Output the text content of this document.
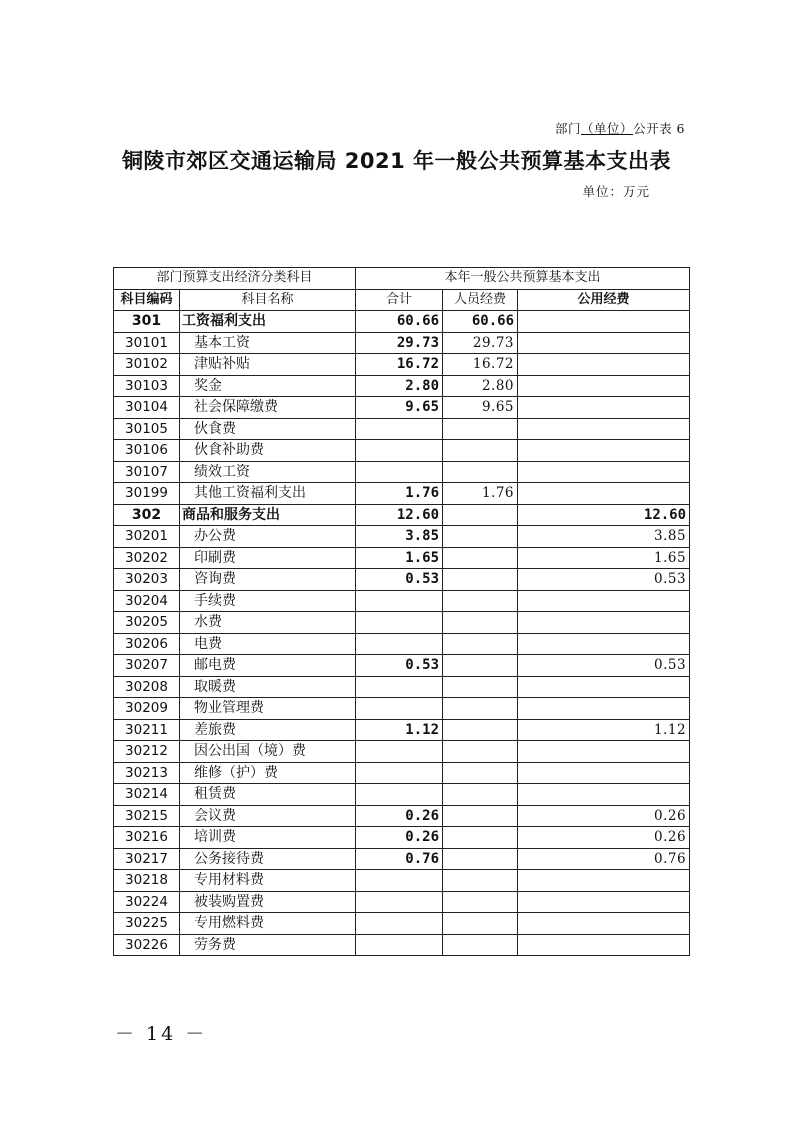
部门（单位）公开表 6
铜陵市郊区交通运输局 2021 年一般公共预算基本支出表
单位：万元
部门预算支出经济分类科目		本年一般公共预算基本支出		
科目编码	科目名称	合计	人员经费	公用经费
301	工资福利支出	60.66	60.66	
30101	基本工资	29.73	29.73	
30102	津贴补贴	16.72	16.72	
30103	奖金	2.80	2.80	
30104	社会保障缴费	9.65	9.65	
30105	伙食费			
30106	伙食补助费			
30107	绩效工资			
30199	其他工资福利支出	1.76	1.76	
302	商品和服务支出	12.60		12.60
30201	办公费	3.85		3.85
30202	印刷费	1.65		1.65
30203	咨询费	0.53		0.53
30204	手续费			
30205	水费			
30206	电费			
30207	邮电费	0.53		0.53
30208	取暖费			
30209	物业管理费			
30211	差旅费	1.12		1.12
30212	因公出国（境）费			
30213	维修（护）费			
30214	租赁费			
30215	会议费	0.26		0.26
30216	培训费	0.26		0.26
30217	公务接待费	0.76		0.76
30218	专用材料费			
30224	被装购置费			
30225	专用燃料费			
30226	劳务费			
－ 14 －
